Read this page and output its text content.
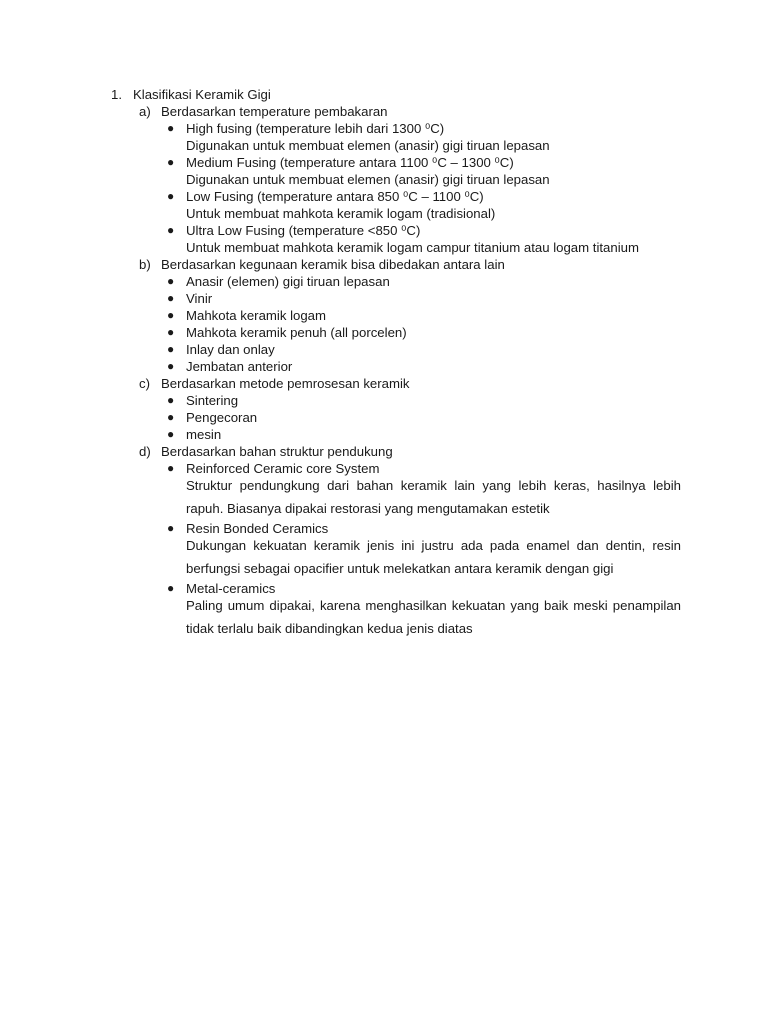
1. Klasifikasi Keramik Gigi
a) Berdasarkan temperature pembakaran
● High fusing (temperature lebih dari 1300 ⁰C)
Digunakan untuk membuat elemen (anasir) gigi tiruan lepasan
● Medium Fusing (temperature antara 1100 ⁰C – 1300 ⁰C)
Digunakan untuk membuat elemen (anasir) gigi tiruan lepasan
● Low Fusing (temperature antara 850 ⁰C – 1100 ⁰C)
Untuk membuat mahkota keramik logam (tradisional)
● Ultra Low Fusing (temperature <850 ⁰C)
Untuk membuat mahkota keramik logam campur titanium atau logam titanium
b) Berdasarkan kegunaan keramik bisa dibedakan antara lain
● Anasir (elemen) gigi tiruan lepasan
● Vinir
● Mahkota keramik logam
● Mahkota keramik penuh (all porcelen)
● Inlay dan onlay
● Jembatan anterior
c) Berdasarkan metode pemrosesan keramik
● Sintering
● Pengecoran
● mesin
d) Berdasarkan bahan struktur pendukung
● Reinforced Ceramic core System
Struktur pendungkung dari bahan keramik lain yang lebih keras, hasilnya lebih rapuh. Biasanya dipakai restorasi yang mengutamakan estetik
● Resin Bonded Ceramics
Dukungan kekuatan keramik jenis ini justru ada pada enamel dan dentin, resin berfungsi sebagai opacifier untuk melekatkan antara keramik dengan gigi
● Metal-ceramics
Paling umum dipakai, karena menghasilkan kekuatan yang baik meski penampilan tidak terlalu baik dibandingkan kedua jenis diatas
